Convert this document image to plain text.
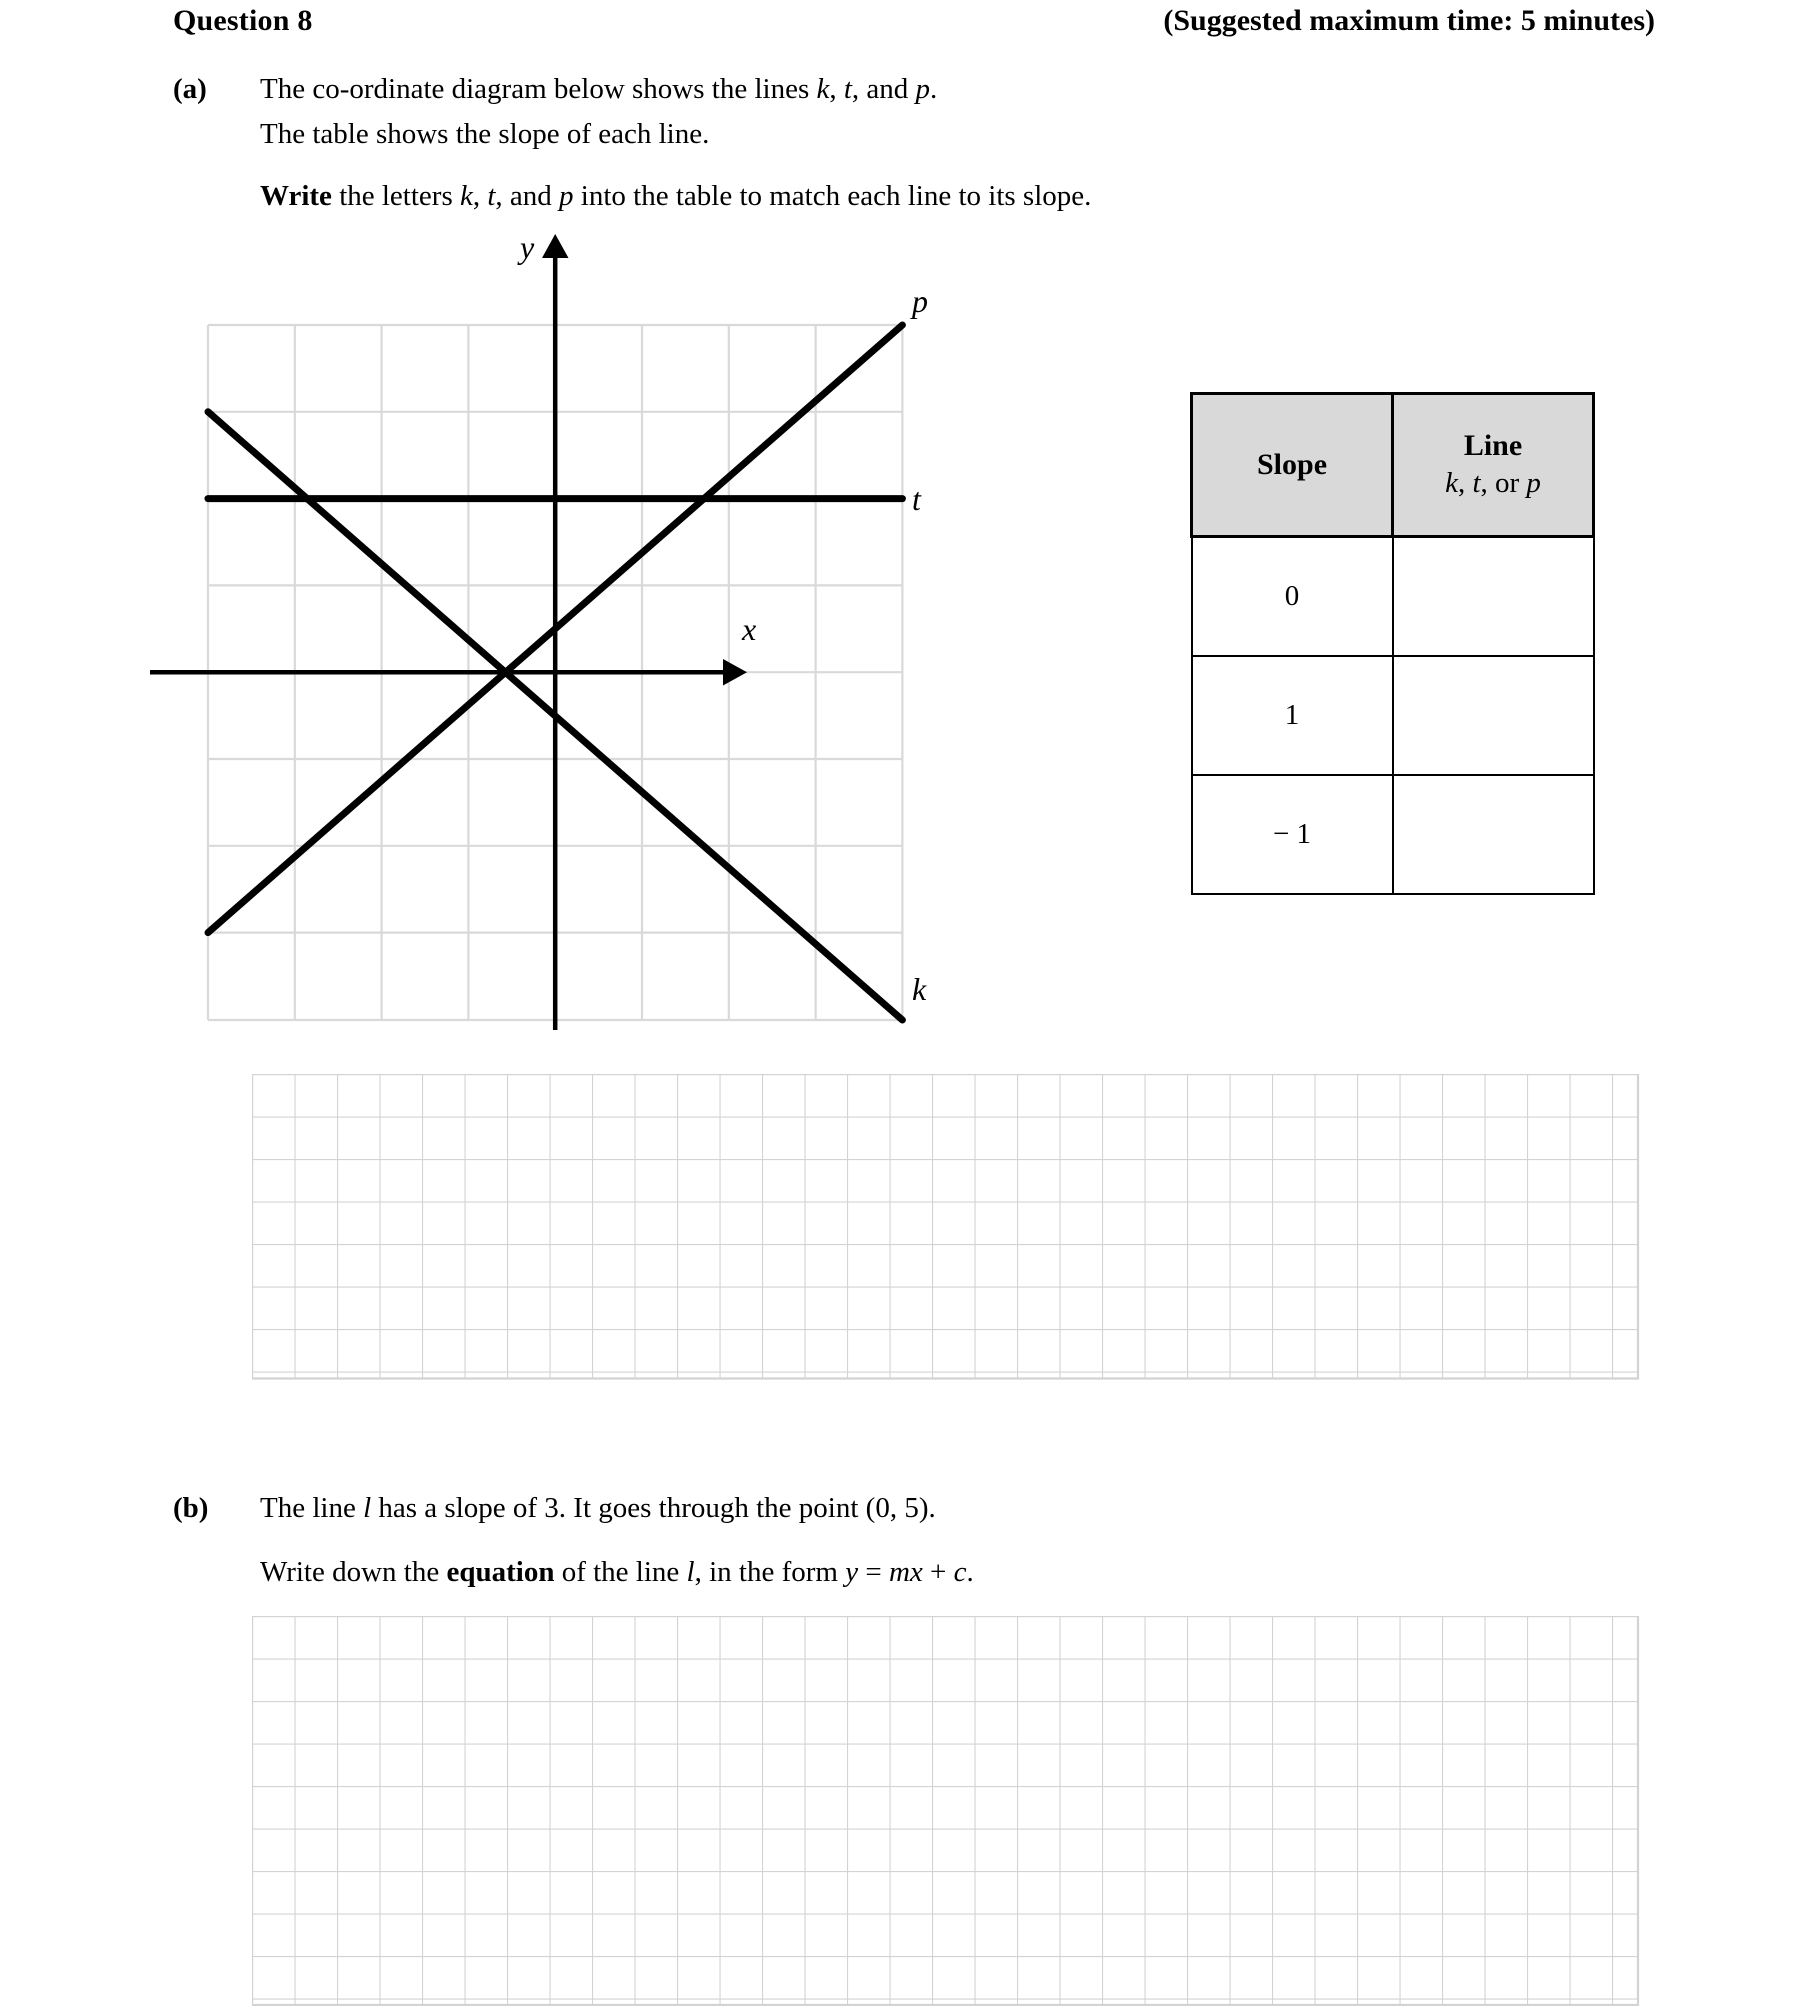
Question 8	(Suggested maximum time: 5 minutes)
(a) The co-ordinate diagram below shows the lines k, t, and p.
The table shows the slope of each line.
Write the letters k, t, and p into the table to match each line to its slope.
y
x
p
t
k
Slope	Line
k, t, or p

0	
1	
− 1	
(b) The line l has a slope of 3. It goes through the point (0, 5).
Write down the equation of the line l, in the form y = mx + c.
